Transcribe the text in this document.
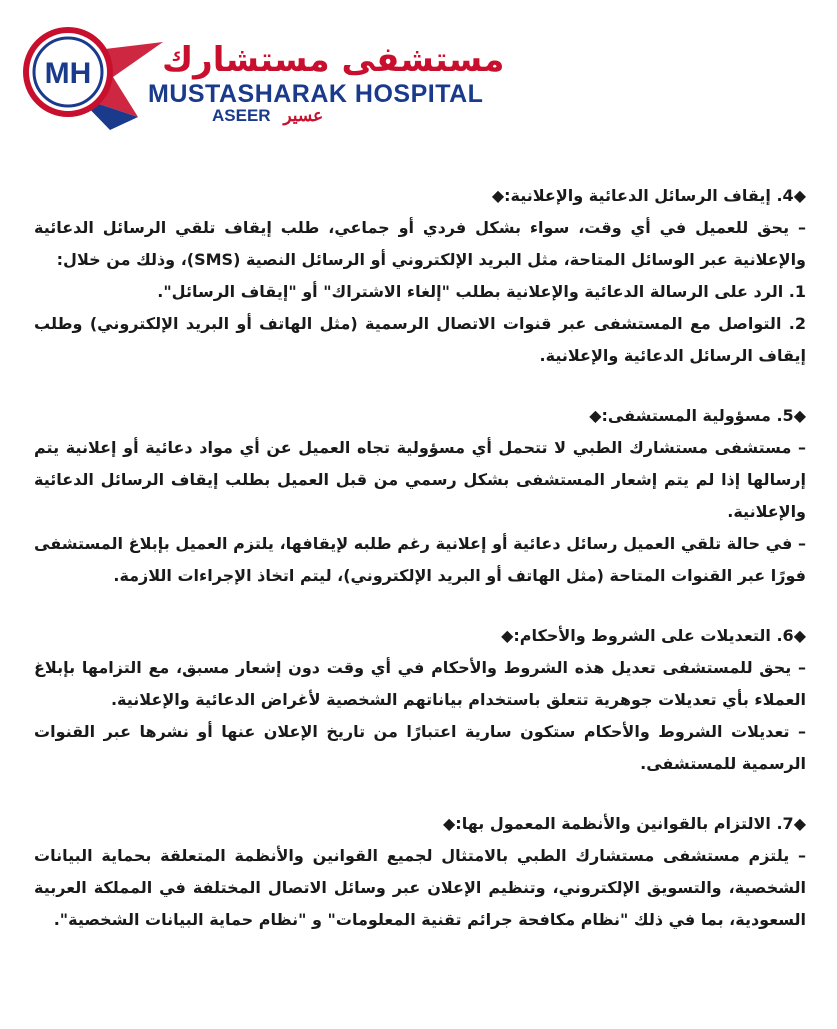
MH مستشفى مستشارك
MUSTASHARAK HOSPITAL
ASEER عسير
◆4. إيقاف الرسائل الدعائية والإعلانية:◆

– يحق للعميل في أي وقت، سواء بشكل فردي أو جماعي، طلب إيقاف تلقي الرسائل الدعائية والإعلانية عبر الوسائل المتاحة، مثل البريد الإلكتروني أو الرسائل النصية (SMS)، وذلك من خلال:

1. الرد على الرسالة الدعائية والإعلانية بطلب "إلغاء الاشتراك" أو "إيقاف الرسائل".

2. التواصل مع المستشفى عبر قنوات الاتصال الرسمية (مثل الهاتف أو البريد الإلكتروني) وطلب إيقاف الرسائل الدعائية والإعلانية.

◆5. مسؤولية المستشفى:◆

– مستشفى مستشارك الطبي لا تتحمل أي مسؤولية تجاه العميل عن أي مواد دعائية أو إعلانية يتم إرسالها إذا لم يتم إشعار المستشفى بشكل رسمي من قبل العميل بطلب إيقاف الرسائل الدعائية والإعلانية.

– في حالة تلقي العميل رسائل دعائية أو إعلانية رغم طلبه لإيقافها، يلتزم العميل بإبلاغ المستشفى فورًا عبر القنوات المتاحة (مثل الهاتف أو البريد الإلكتروني)، ليتم اتخاذ الإجراءات اللازمة.

◆6. التعديلات على الشروط والأحكام:◆

– يحق للمستشفى تعديل هذه الشروط والأحكام في أي وقت دون إشعار مسبق، مع التزامها بإبلاغ العملاء بأي تعديلات جوهرية تتعلق باستخدام بياناتهم الشخصية لأغراض الدعائية والإعلانية.

– تعديلات الشروط والأحكام ستكون سارية اعتبارًا من تاريخ الإعلان عنها أو نشرها عبر القنوات الرسمية للمستشفى.

◆7. الالتزام بالقوانين والأنظمة المعمول بها:◆

– يلتزم مستشفى مستشارك الطبي بالامتثال لجميع القوانين والأنظمة المتعلقة بحماية البيانات الشخصية، والتسويق الإلكتروني، وتنظيم الإعلان عبر وسائل الاتصال المختلفة في المملكة العربية السعودية، بما في ذلك "نظام مكافحة جرائم تقنية المعلومات" و "نظام حماية البيانات الشخصية".
